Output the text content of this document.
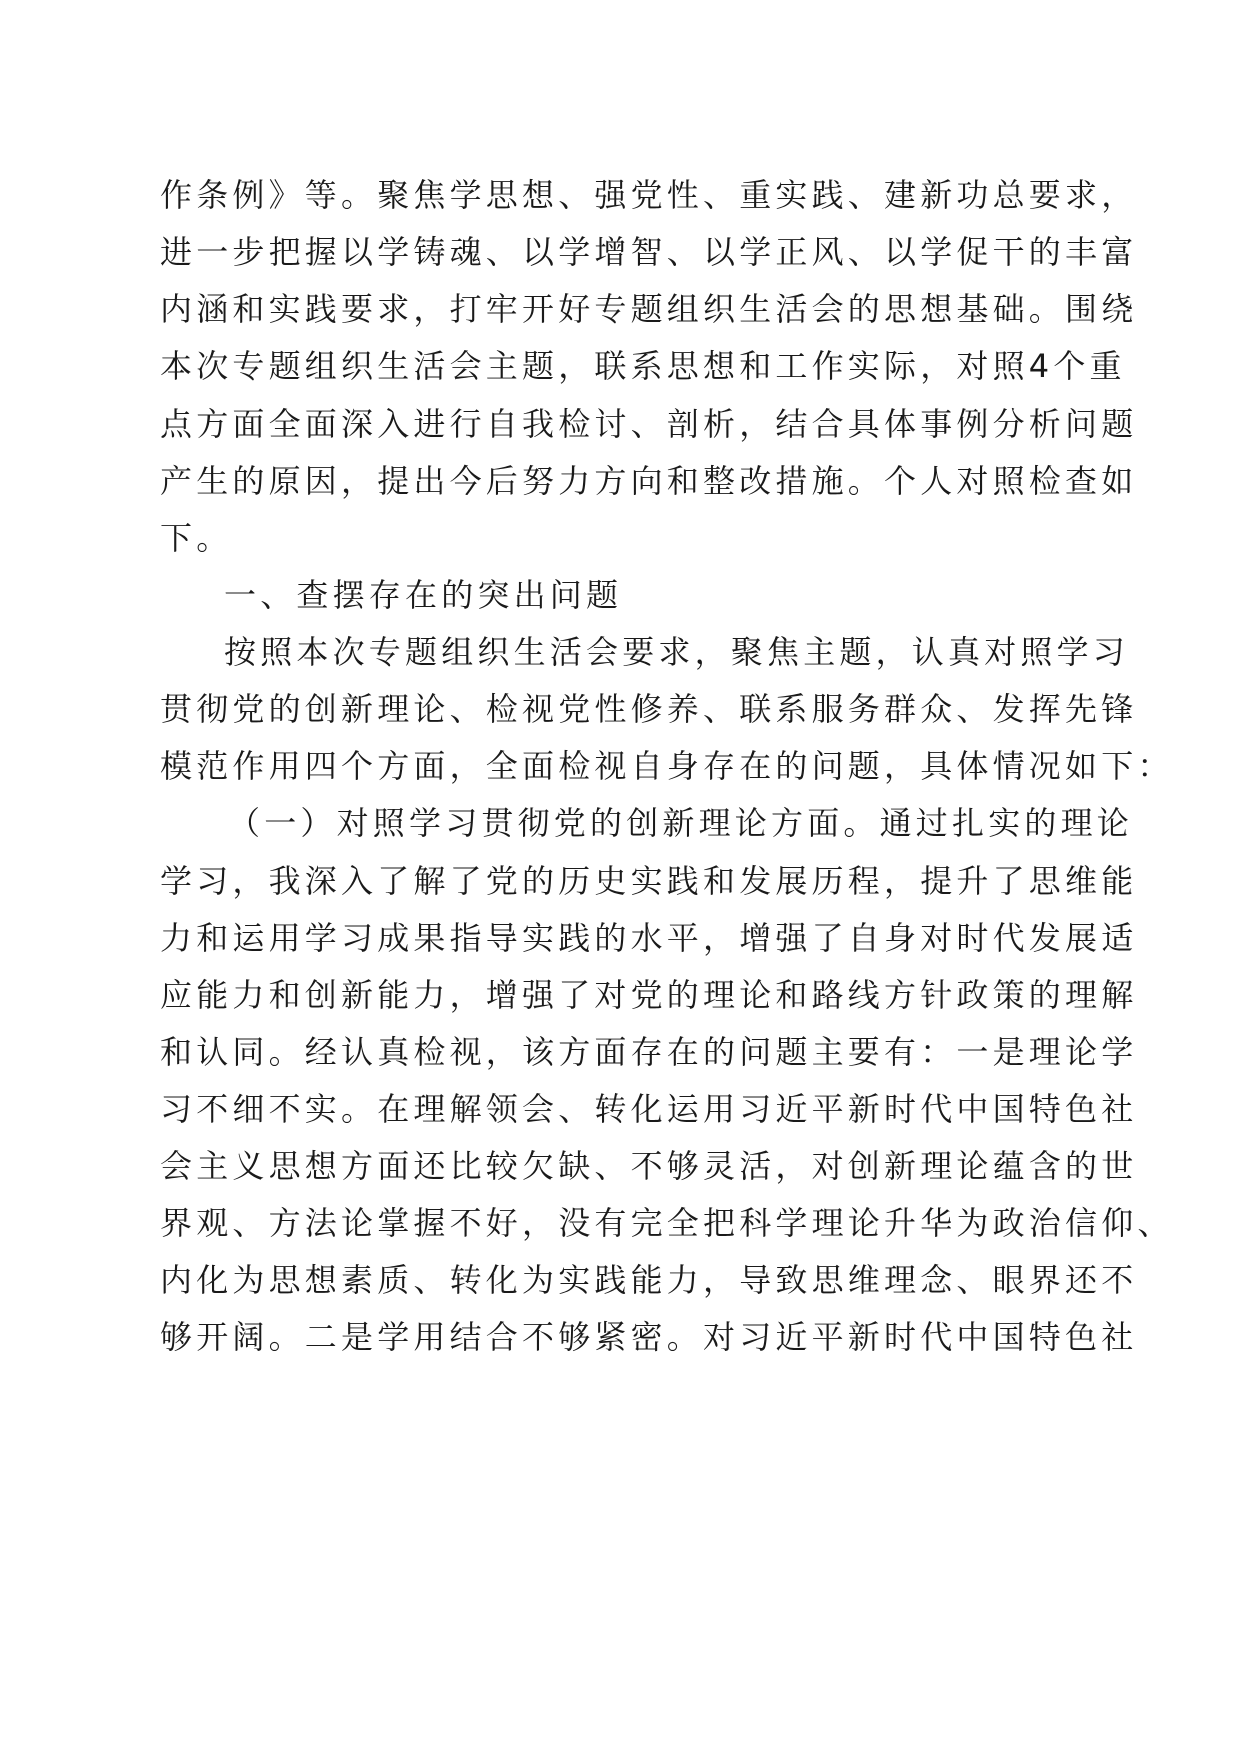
作条例》等。聚焦学思想、强党性、重实践、建新功总要求，
进一步把握以学铸魂、以学增智、以学正风、以学促干的丰富
内涵和实践要求，打牢开好专题组织生活会的思想基础。围绕
本次专题组织生活会主题，联系思想和工作实际，对照4个重
点方面全面深入进行自我检讨、剖析，结合具体事例分析问题
产生的原因，提出今后努力方向和整改措施。个人对照检查如
下。
一、查摆存在的突出问题
按照本次专题组织生活会要求，聚焦主题，认真对照学习
贯彻党的创新理论、检视党性修养、联系服务群众、发挥先锋
模范作用四个方面，全面检视自身存在的问题，具体情况如下：
（一）对照学习贯彻党的创新理论方面。通过扎实的理论
学习，我深入了解了党的历史实践和发展历程，提升了思维能
力和运用学习成果指导实践的水平，增强了自身对时代发展适
应能力和创新能力，增强了对党的理论和路线方针政策的理解
和认同。经认真检视，该方面存在的问题主要有：一是理论学
习不细不实。在理解领会、转化运用习近平新时代中国特色社
会主义思想方面还比较欠缺、不够灵活，对创新理论蕴含的世
界观、方法论掌握不好，没有完全把科学理论升华为政治信仰、
内化为思想素质、转化为实践能力，导致思维理念、眼界还不
够开阔。二是学用结合不够紧密。对习近平新时代中国特色社
